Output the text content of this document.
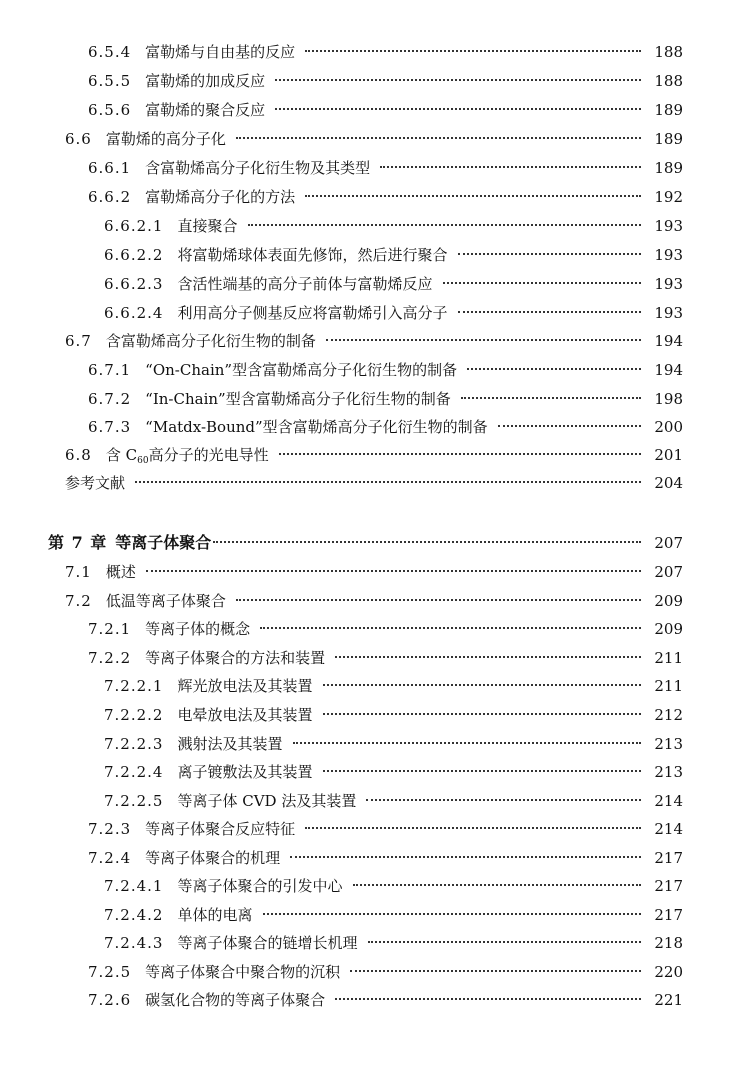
6.5.4 富勒烯与自由基的反应	188
6.5.5 富勒烯的加成反应	188
6.5.6 富勒烯的聚合反应	189
6.6 富勒烯的高分子化	189
6.6.1 含富勒烯高分子化衍生物及其类型	189
6.6.2 富勒烯高分子化的方法	192
6.6.2.1 直接聚合	193
6.6.2.2 将富勒烯球体表面先修饰，然后进行聚合	193
6.6.2.3 含活性端基的高分子前体与富勒烯反应	193
6.6.2.4 利用高分子侧基反应将富勒烯引入高分子	193
6.7 含富勒烯高分子化衍生物的制备	194
6.7.1 “On-Chain”型含富勒烯高分子化衍生物的制备	194
6.7.2 “In-Chain”型含富勒烯高分子化衍生物的制备	198
6.7.3 “Matdx-Bound”型含富勒烯高分子化衍生物的制备	200
6.8 含 $C_{60}$高分子的光电导性	201
参考文献	204
第 7 章 等离子体聚合	207
7.1 概述	207
7.2 低温等离子体聚合	209
7.2.1 等离子体的概念	209
7.2.2 等离子体聚合的方法和装置	211
7.2.2.1 辉光放电法及其装置	211
7.2.2.2 电晕放电法及其装置	212
7.2.2.3 溅射法及其装置	213
7.2.2.4 离子镀敷法及其装置	213
7.2.2.5 等离子体 CVD 法及其装置	214
7.2.3 等离子体聚合反应特征	214
7.2.4 等离子体聚合的机理	217
7.2.4.1 等离子体聚合的引发中心	217
7.2.4.2 单体的电离	217
7.2.4.3 等离子体聚合的链增长机理	218
7.2.5 等离子体聚合中聚合物的沉积	220
7.2.6 碳氢化合物的等离子体聚合	221
